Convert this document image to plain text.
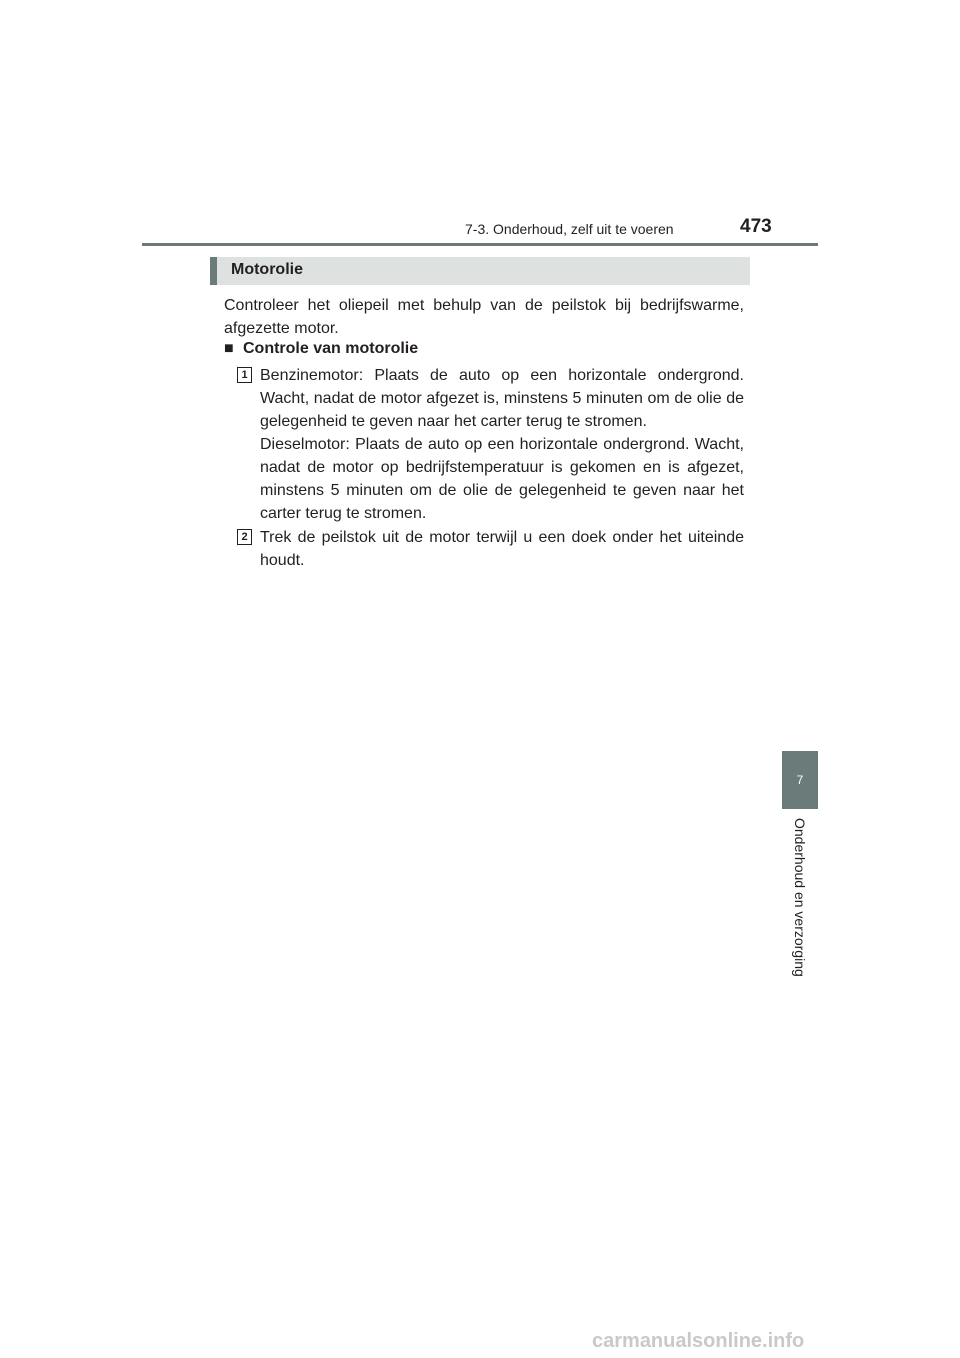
7-3. Onderhoud, zelf uit te voeren	473
7
Onderhoud en verzorging
Motorolie
Controleer het oliepeil met behulp van de peilstok bij bedrijfswarme, afgezette motor.
■ Controle van motorolie
1 Benzinemotor: Plaats de auto op een horizontale ondergrond. Wacht, nadat de motor afgezet is, minstens 5 minuten om de olie de gelegenheid te geven naar het carter terug te stromen.
Dieselmotor: Plaats de auto op een horizontale ondergrond. Wacht, nadat de motor op bedrijfstemperatuur is gekomen en is afgezet, minstens 5 minuten om de olie de gelegenheid te geven naar het carter terug te stromen.
2 Trek de peilstok uit de motor terwijl u een doek onder het uiteinde houdt.
carmanualsonline.info
